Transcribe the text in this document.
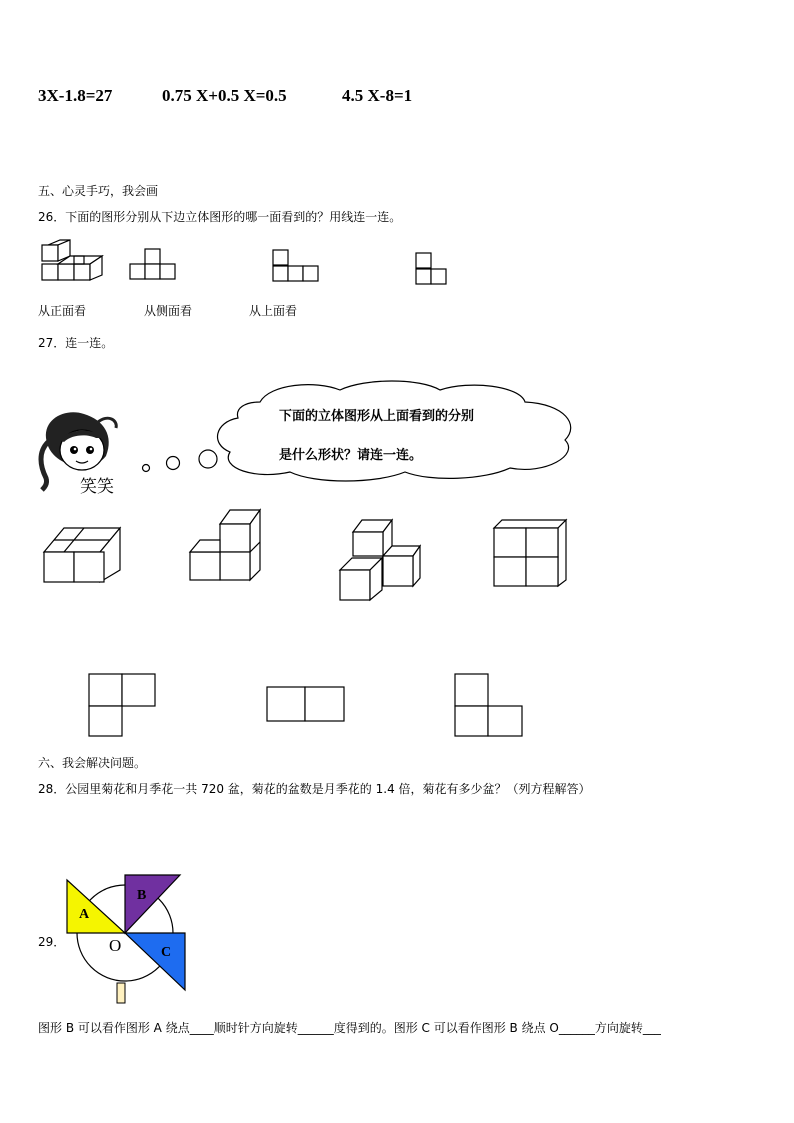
3X-1.8=27	0.75 X+0.5 X=0.5	4.5 X-8=1
五、心灵手巧，我会画
26．下面的图形分别从下边立体图形的哪一面看到的？用线连一连。
从正面看	从侧面看	从上面看
27．连一连。
笑笑
下面的立体图形从上面看到的分别
是什么形状？请连一连。
六、我会解决问题。
28．公园里菊花和月季花一共 720 盆，菊花的盆数是月季花的 1.4 倍，菊花有多少盆？（列方程解答）
29．
A
B
C
O
图形 B 可以看作图形 A 绕点____顺时针方向旋转______度得到的。图形 C 可以看作图形 B 绕点 O______方向旋转___
